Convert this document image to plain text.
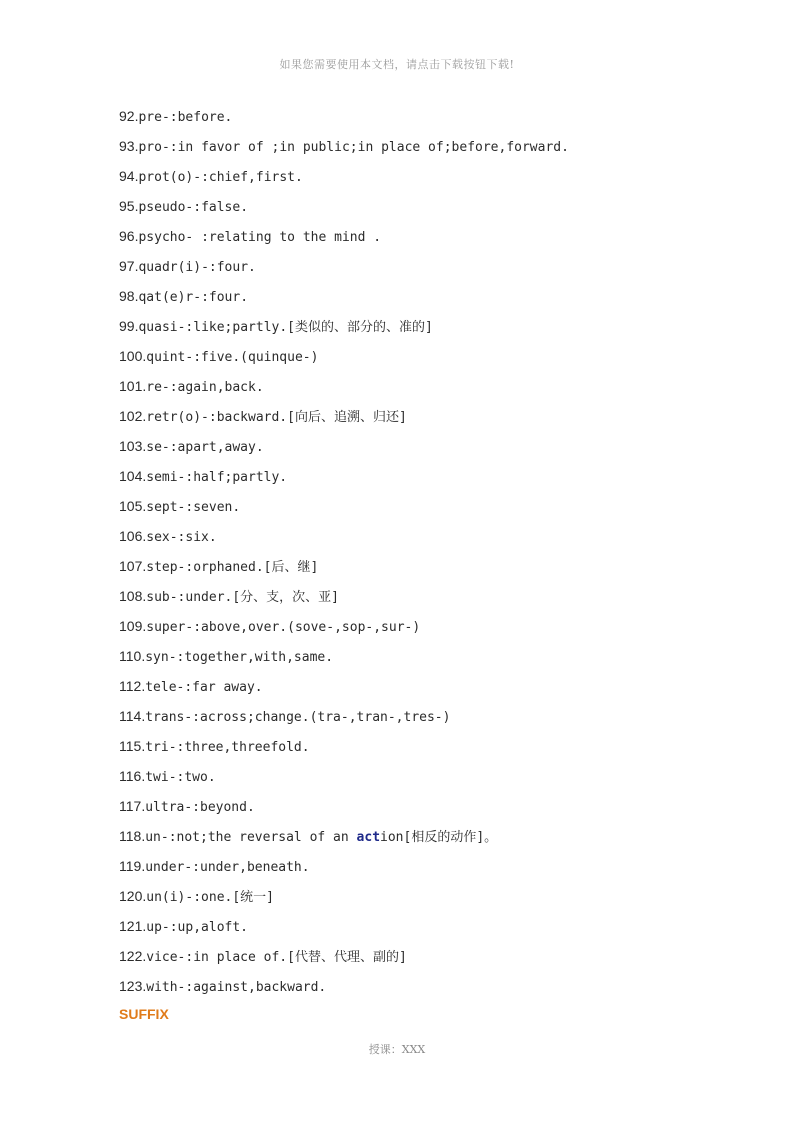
如果您需要使用本文档，请点击下载按钮下载!
92.pre-:before.
93.pro-:in favor of ;in public;in place of;before,forward.
94.prot(o)-:chief,first.
95.pseudo-:false.
96.psycho- :relating to the mind .
97.quadr(i)-:four.
98.qat(e)r-:four.
99.quasi-:like;partly.[类似的、部分的、准的]
100.quint-:five.(quinque-)
101.re-:again,back.
102.retr(o)-:backward.[向后、追溯、归还]
103.se-:apart,away.
104.semi-:half;partly.
105.sept-:seven.
106.sex-:six.
107.step-:orphaned.[后、继]
108.sub-:under.[分、支，次、亚]
109.super-:above,over.(sove-,sop-,sur-)
110.syn-:together,with,same.
112.tele-:far away.
114.trans-:across;change.(tra-,tran-,tres-)
115.tri-:three,threefold.
116.twi-:two.
117.ultra-:beyond.
118.un-:not;the reversal of an action[相反的动作]。
119.under-:under,beneath.
120.un(i)-:one.[统一]
121.up-:up,aloft.
122.vice-:in place of.[代替、代理、副的]
123.with-:against,backward.
SUFFIX
授课：XXX
